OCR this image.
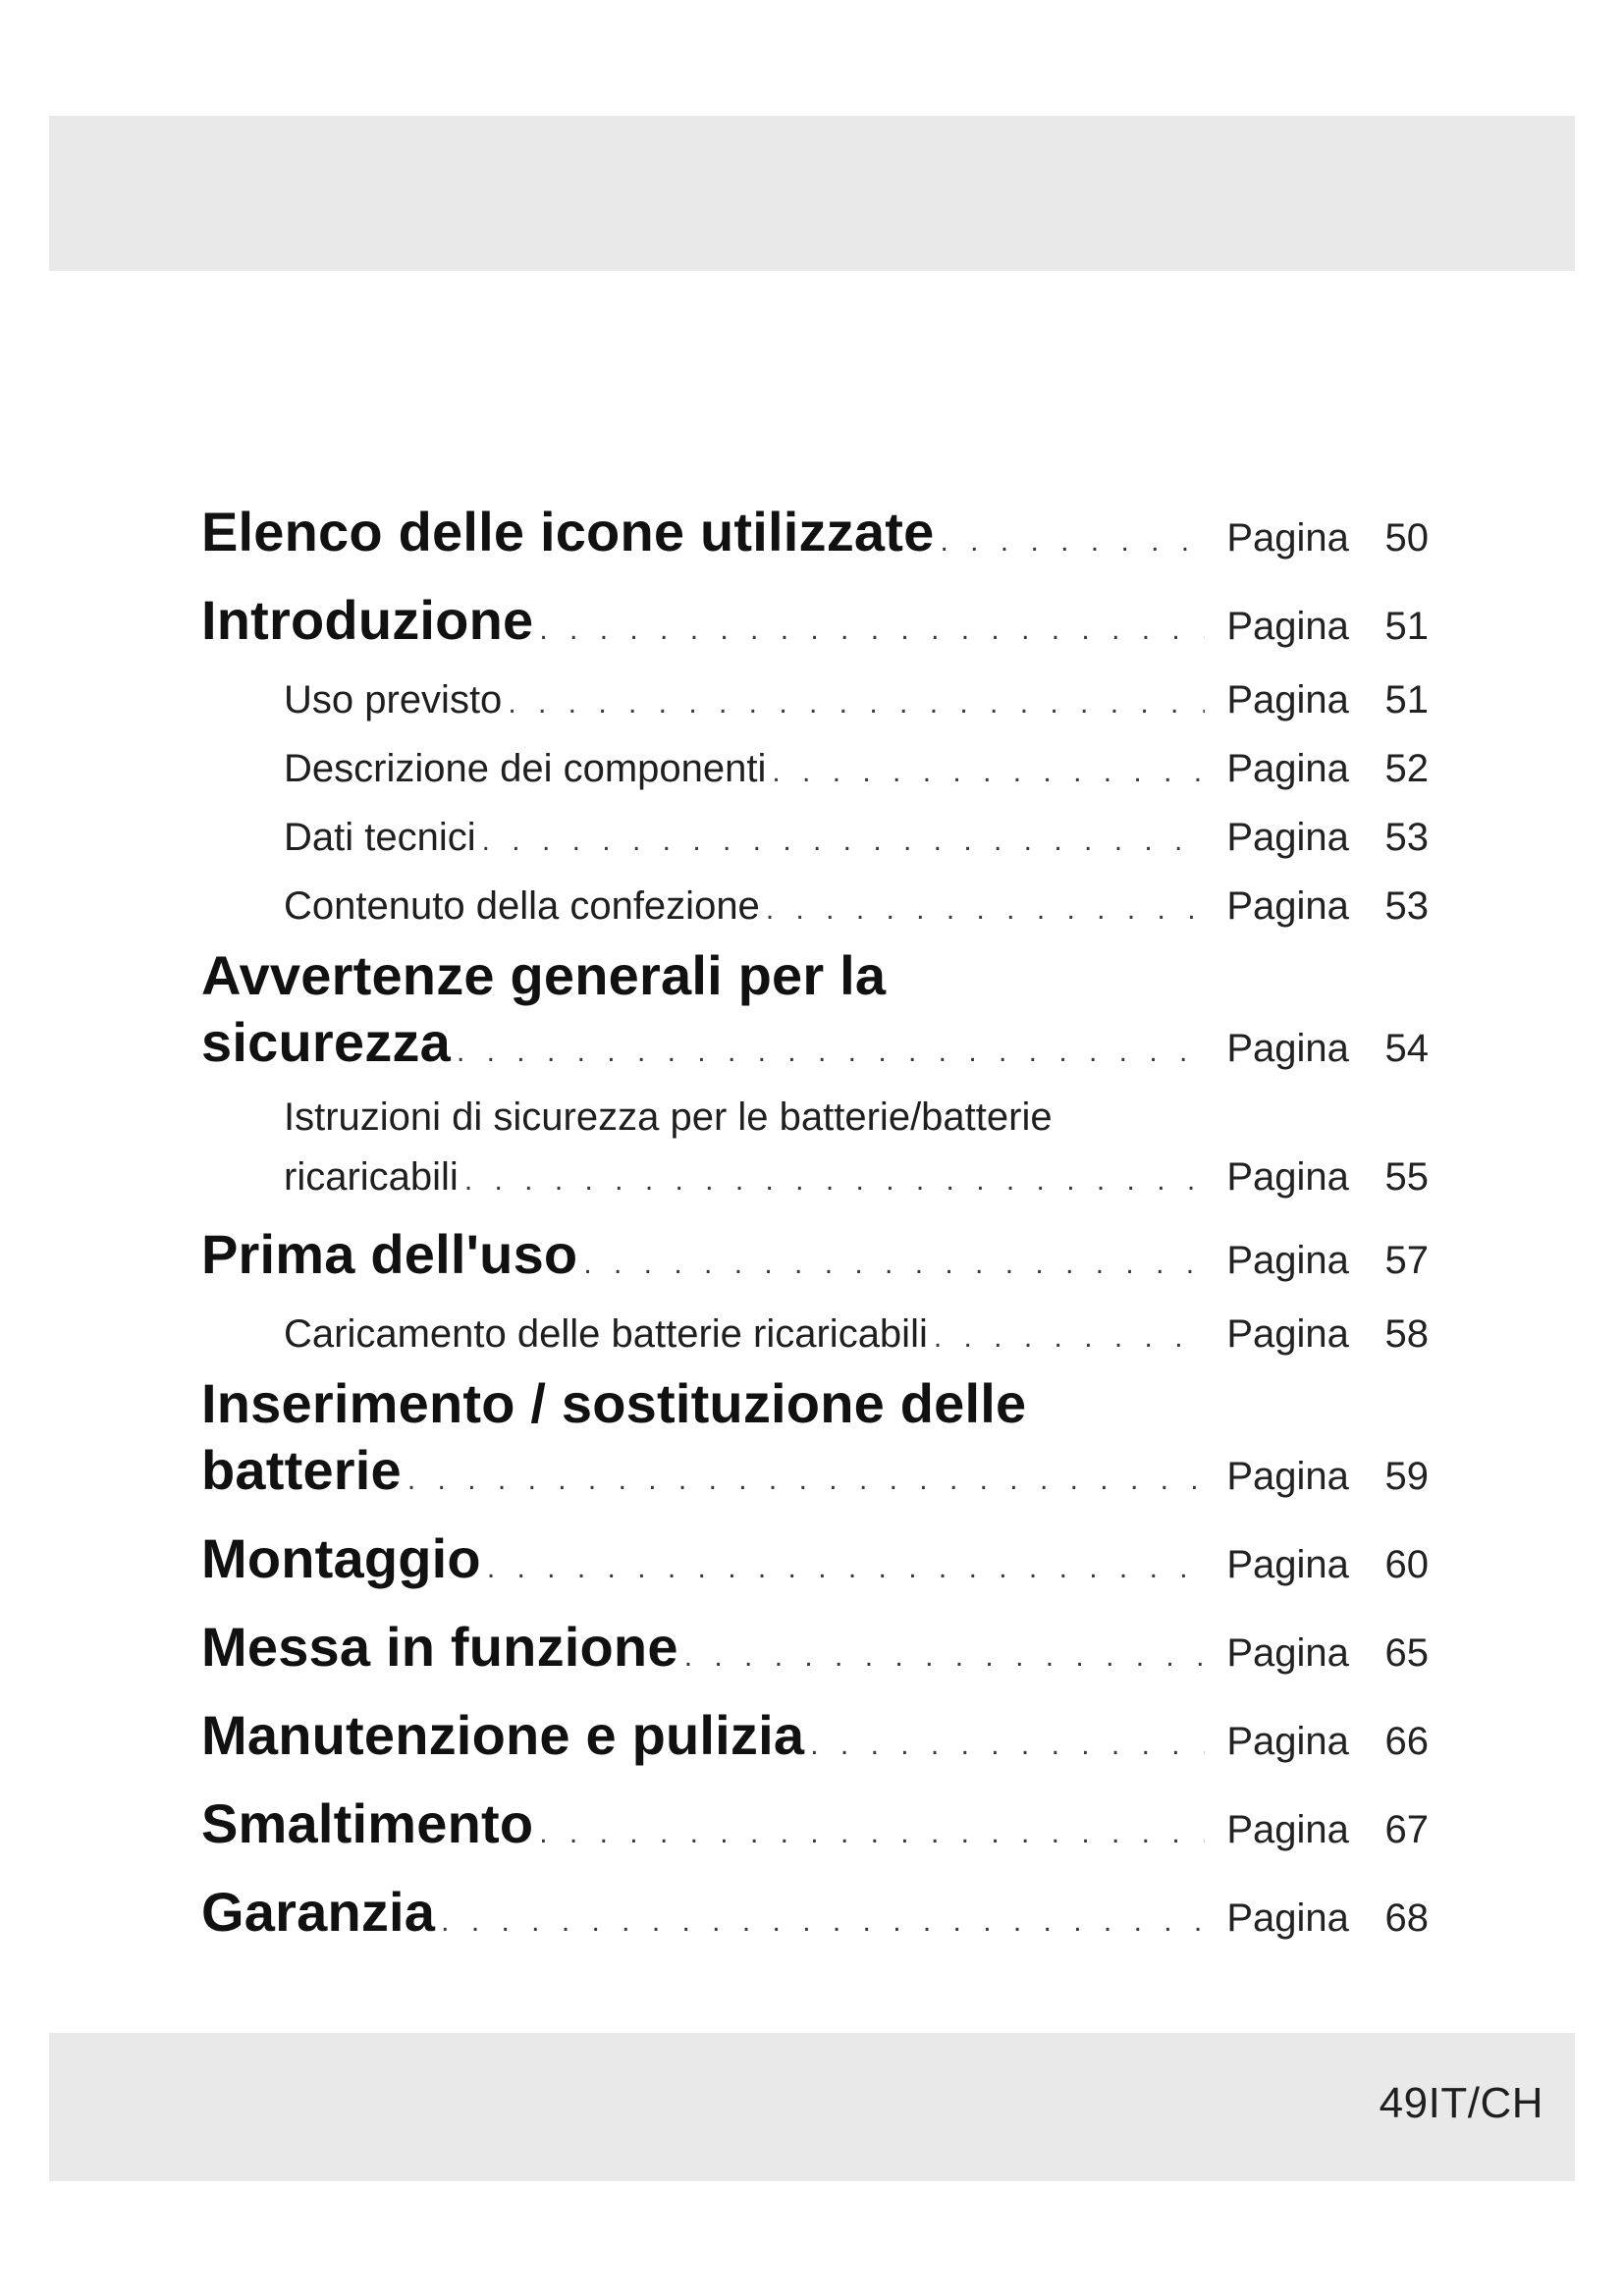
Elenco delle icone utilizzate . . .	Pagina 50
Introduzione . . .	Pagina 51
Uso previsto . . .	Pagina 51
Descrizione dei componenti . . .	Pagina 52
Dati tecnici . . .	Pagina 53
Contenuto della confezione . . .	Pagina 53
Avvertenze generali per la
sicurezza . . .	Pagina 54
Istruzioni di sicurezza per le batterie/batterie
ricaricabili . . .	Pagina 55
Prima dell'uso . . .	Pagina 57
Caricamento delle batterie ricaricabili . . .	Pagina 58
Inserimento / sostituzione delle
batterie . . .	Pagina 59
Montaggio . . .	Pagina 60
Messa in funzione . . .	Pagina 65
Manutenzione e pulizia . . .	Pagina 66
Smaltimento . . .	Pagina 67
Garanzia . . .	Pagina 68
49IT/CH
